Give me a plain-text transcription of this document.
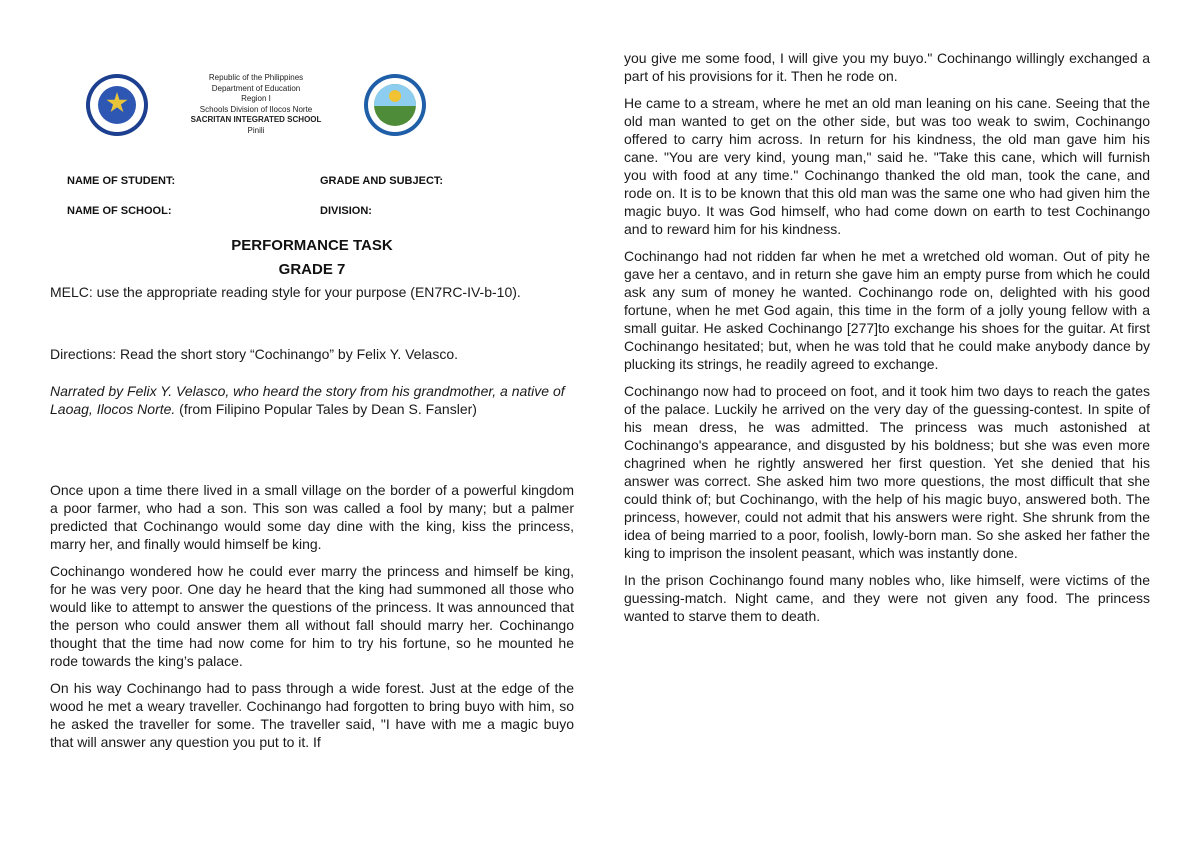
Republic of the Philippines
Department of Education
Region I
Schools Division of Ilocos Norte
SACRITAN INTEGRATED SCHOOL
Pinili
NAME OF STUDENT:	GRADE AND SUBJECT:
NAME OF SCHOOL:	DIVISION:
PERFORMANCE TASK
GRADE 7
MELC: use the appropriate reading style for your purpose (EN7RC-IV-b-10).
Directions: Read the short story “Cochinango” by Felix Y. Velasco.
Narrated by Felix Y. Velasco, who heard the story from his grandmother, a native of Laoag, Ilocos Norte. (from Filipino Popular Tales by Dean S. Fansler)

Once upon a time there lived in a small village on the border of a powerful kingdom a poor farmer, who had a son. This son was called a fool by many; but a palmer predicted that Cochinango would some day dine with the king, kiss the princess, marry her, and finally would himself be king.

Cochinango wondered how he could ever marry the princess and himself be king, for he was very poor. One day he heard that the king had summoned all those who would like to attempt to answer the questions of the princess. It was announced that the person who could answer them all without fall should marry her. Cochinango thought that the time had now come for him to try his fortune, so he mounted he rode towards the king’s palace.

On his way Cochinango had to pass through a wide forest. Just at the edge of the wood he met a weary traveller. Cochinango had forgotten to bring buyo with him, so he asked the traveller for some. The traveller said, "I have with me a magic buyo that will answer any question you put to it. If

you give me some food, I will give you my buyo." Cochinango willingly exchanged a part of his provisions for it. Then he rode on.

He came to a stream, where he met an old man leaning on his cane. Seeing that the old man wanted to get on the other side, but was too weak to swim, Cochinango offered to carry him across. In return for his kindness, the old man gave him his cane. "You are very kind, young man," said he. "Take this cane, which will furnish you with food at any time." Cochinango thanked the old man, took the cane, and rode on. It is to be known that this old man was the same one who had given him the magic buyo. It was God himself, who had come down on earth to test Cochinango and to reward him for his kindness.

Cochinango had not ridden far when he met a wretched old woman. Out of pity he gave her a centavo, and in return she gave him an empty purse from which he could ask any sum of money he wanted. Cochinango rode on, delighted with his good fortune, when he met God again, this time in the form of a jolly young fellow with a small guitar. He asked Cochinango [277]to exchange his shoes for the guitar. At first Cochinango hesitated; but, when he was told that he could make anybody dance by plucking its strings, he readily agreed to exchange.

Cochinango now had to proceed on foot, and it took him two days to reach the gates of the palace. Luckily he arrived on the very day of the guessing-contest. In spite of his mean dress, he was admitted. The princess was much astonished at Cochinango's appearance, and disgusted by his boldness; but she was even more chagrined when he rightly answered her first question. Yet she denied that his answer was correct. She asked him two more questions, the most difficult that she could think of; but Cochinango, with the help of his magic buyo, answered both. The princess, however, could not admit that his answers were right. She shrunk from the idea of being married to a poor, foolish, lowly-born man. So she asked her father the king to imprison the insolent peasant, which was instantly done.

In the prison Cochinango found many nobles who, like himself, were victims of the guessing-match. Night came, and they were not given any food. The princess wanted to starve them to death.
